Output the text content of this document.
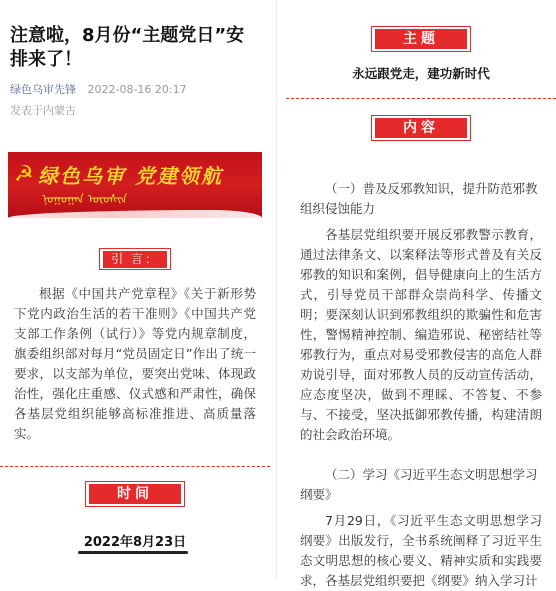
注意啦，8月份“主题党日”安排来了！
绿色乌审先锋 2022-08-16 20:17
发表于内蒙古
☭ 绿色乌审 党建领航
ᠨᠤᠭᠤᠭᠠᠨ ᠦᠦᠰᠢᠨ
引 言：
根据《中国共产党章程》《关于新形势下党内政治生活的若干准则》《中国共产党支部工作条例（试行）》等党内规章制度，旗委组织部对每月“党员固定日”作出了统一要求，以支部为单位，要突出党味、体现政治性，强化庄重感、仪式感和严肃性，确保各基层党组织能够高标准推进、高质量落实。
时间
2022年8月23日
主题
永远跟党走，建功新时代
内容
（一）普及反邪教知识，提升防范邪教组织侵蚀能力
各基层党组织要开展反邪教警示教育，通过法律条文、以案释法等形式普及有关反邪教的知识和案例，倡导健康向上的生活方式，引导党员干部群众崇尚科学、传播文明；要深刻认识到邪教组织的欺骗性和危害性，警惕精神控制、编造邪说、秘密结社等邪教行为，重点对易受邪教侵害的高危人群劝说引导，面对邪教人员的反动宣传活动，应态度坚决，做到不理睬、不答复、不参与、不接受，坚决抵御邪教传播，构建清朗的社会政治环境。
（二）学习《习近平生态文明思想学习纲要》
7月29日，《习近平生态文明思想学习纲要》出版发行，全书系统阐释了习近平生态文明思想的核心要义、精神实质和实践要求，各基层党组织要把《纲要》纳入学习计
